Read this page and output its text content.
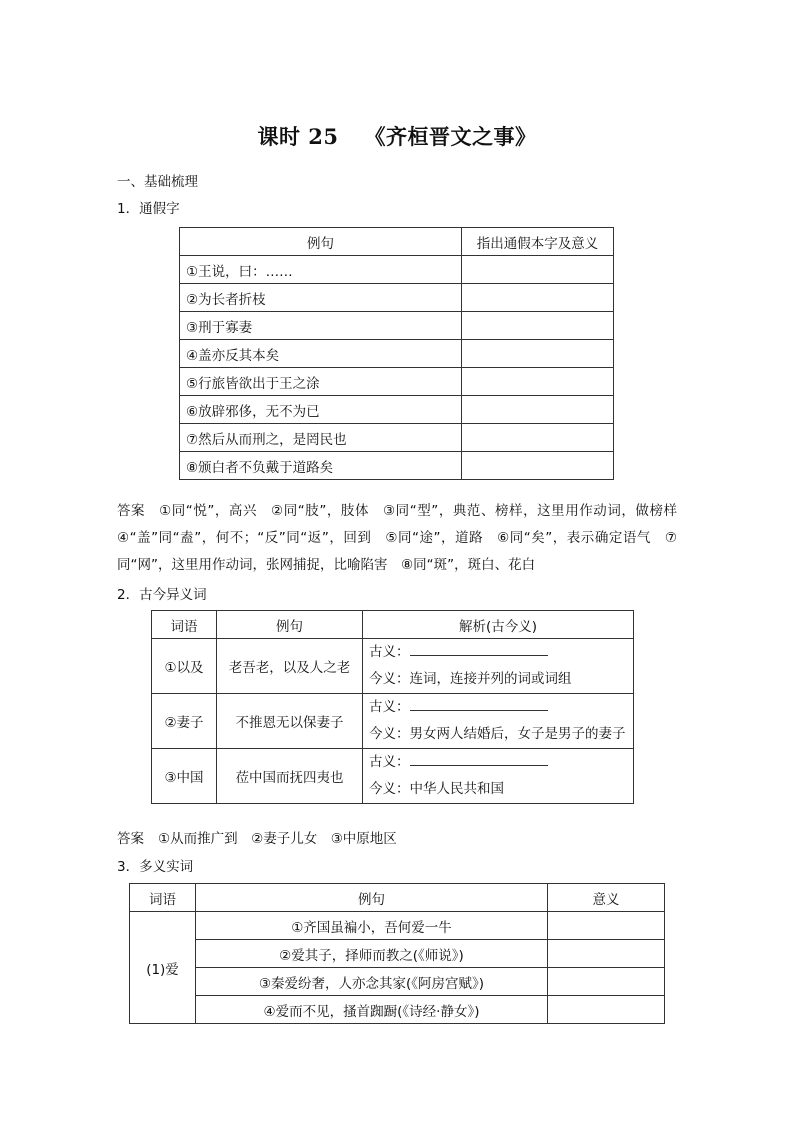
课时 25 《齐桓晋文之事》
一、基础梳理
1．通假字
例句	指出通假本字及意义
①王说，曰：……	
②为长者折枝	
③刑于寡妻	
④盖亦反其本矣	
⑤行旅皆欲出于王之涂	
⑥放辟邪侈，无不为已	
⑦然后从而刑之，是罔民也	
⑧颁白者不负戴于道路矣	
答案 ①同“悦”，高兴　②同“肢”，肢体　③同“型”，典范、榜样，这里用作动词，做榜样　④“盖”同“盍”，何不；“反”同“返”，回到　⑤同“途”，道路　⑥同“矣”，表示确定语气　⑦同“网”，这里用作动词，张网捕捉，比喻陷害　⑧同“斑”，斑白、花白
2．古今异义词
词语	例句	解析(古今义)
①以及	老吾老，以及人之老	古义：
今义：连词，连接并列的词或词组

②妻子	不推恩无以保妻子	古义：
今义：男女两人结婚后，女子是男子的妻子

③中国	莅中国而抚四夷也	古义：
今义：中华人民共和国
答案 ①从而推广到　②妻子儿女　③中原地区
3．多义实词
词语	例句	意义
(1)爱	①齐国虽褊小，吾何爱一牛	
	②爱其子，择师而教之(《师说》)	
	③秦爱纷奢，人亦念其家(《阿房宫赋》)	
	④爱而不见，搔首踟蹰(《诗经·静女》)	
